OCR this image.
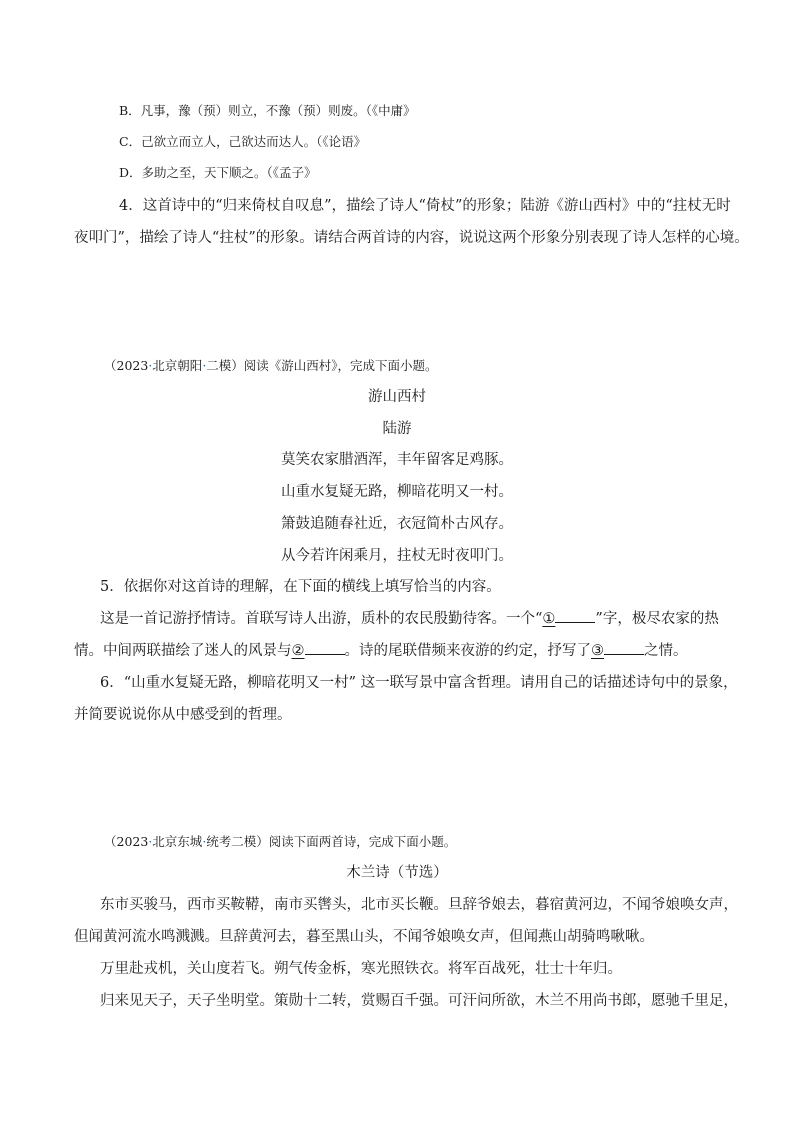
B．凡事，豫（预）则立，不豫（预）则废。（《中庸》
C．己欲立而立人，己欲达而达人。（《论语》
D．多助之至，天下顺之。（《孟子》
4．这首诗中的“归来倚杖自叹息”，描绘了诗人“倚杖”的形象；陆游《游山西村》中的“拄杖无时
夜叩门”，描绘了诗人“拄杖”的形象。请结合两首诗的内容，说说这两个形象分别表现了诗人怎样的心境。
（2023·北京朝阳·二模）阅读《游山西村》，完成下面小题。
游山西村
陆游
莫笑农家腊酒浑，丰年留客足鸡豚。
山重水复疑无路，柳暗花明又一村。
箫鼓追随春社近，衣冠简朴古风存。
从今若许闲乘月，拄杖无时夜叩门。
5．依据你对这首诗的理解，在下面的横线上填写恰当的内容。
这是一首记游抒情诗。首联写诗人出游，质朴的农民殷勤待客。一个“①	”字，极尽农家的热
情。中间两联描绘了迷人的风景与②	。诗的尾联借频来夜游的约定，抒写了③	之情。
6．“山重水复疑无路，柳暗花明又一村” 这一联写景中富含哲理。请用自己的话描述诗句中的景象，
并简要说说你从中感受到的哲理。
（2023·北京东城·统考二模）阅读下面两首诗，完成下面小题。
木兰诗（节选）
东市买骏马，西市买鞍鞯，南市买辔头，北市买长鞭。旦辞爷娘去，暮宿黄河边，不闻爷娘唤女声，
但闻黄河流水鸣溅溅。旦辞黄河去，暮至黑山头，不闻爷娘唤女声，但闻燕山胡骑鸣啾啾。
万里赴戎机，关山度若飞。朔气传金柝，寒光照铁衣。将军百战死，壮士十年归。
归来见天子，天子坐明堂。策勋十二转，赏赐百千强。可汗问所欲，木兰不用尚书郎，愿驰千里足，
